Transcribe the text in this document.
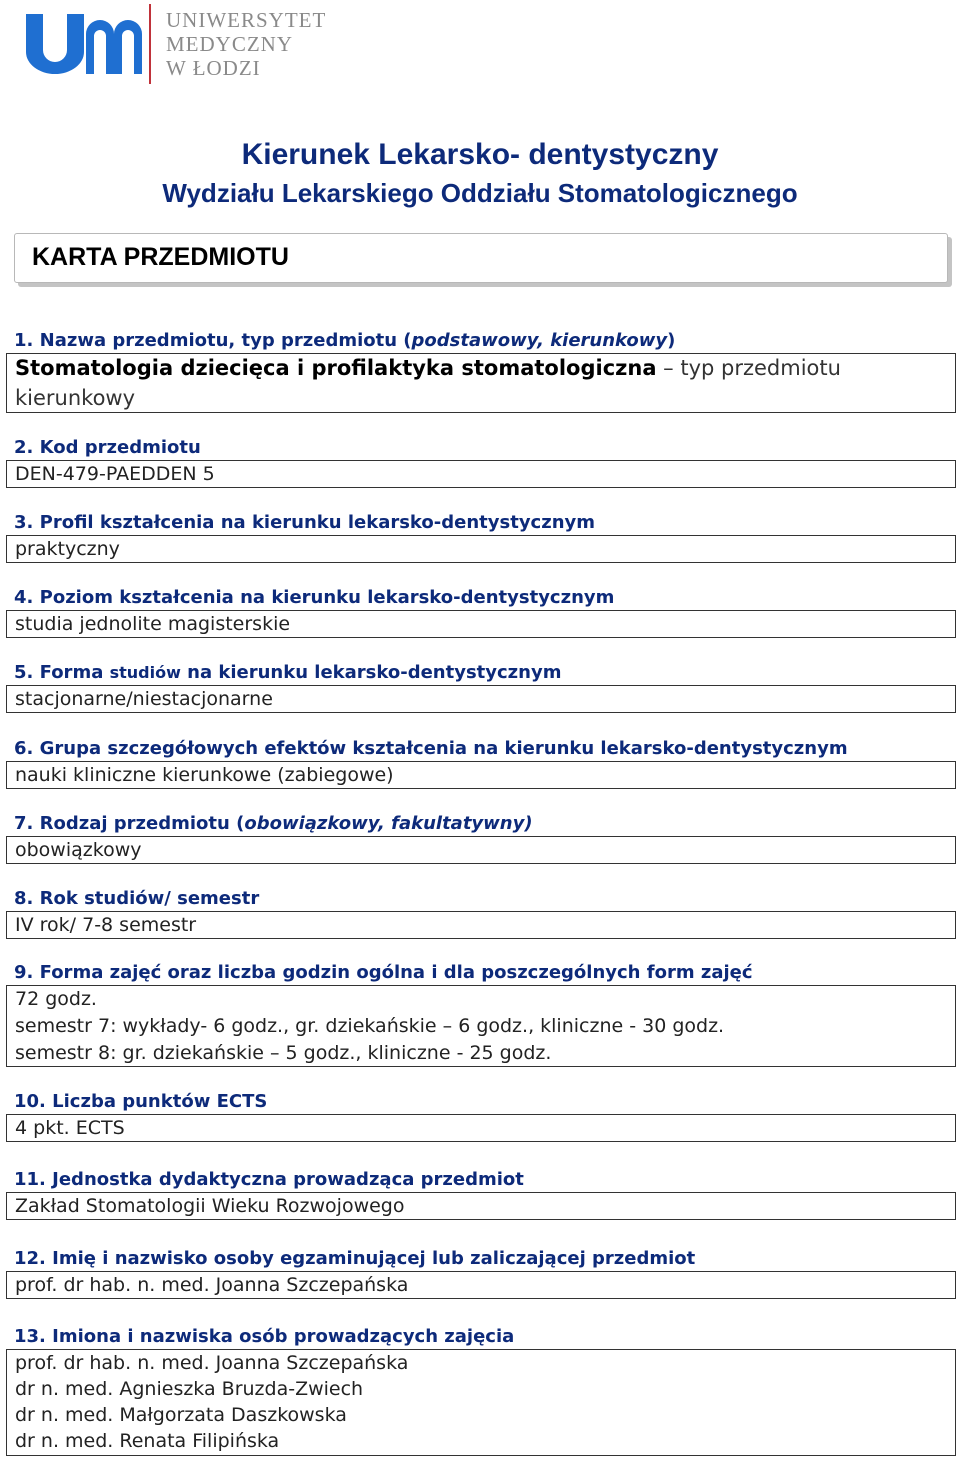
UNIWERSYTET
MEDYCZNY
W ŁODZI
Kierunek Lekarsko- dentystyczny
Wydziału Lekarskiego Oddziału Stomatologicznego
KARTA PRZEDMIOTU
1. Nazwa przedmiotu, typ przedmiotu (podstawowy, kierunkowy)
Stomatologia dziecięca i profilaktyka stomatologiczna – typ przedmiotu
kierunkowy
2. Kod przedmiotu
DEN-479-PAEDDEN 5
3. Profil kształcenia na kierunku lekarsko-dentystycznym
praktyczny
4. Poziom kształcenia na kierunku lekarsko-dentystycznym
studia jednolite magisterskie
5. Forma studiów na kierunku lekarsko-dentystycznym
stacjonarne/niestacjonarne
6. Grupa szczegółowych efektów kształcenia na kierunku lekarsko-dentystycznym
nauki kliniczne kierunkowe (zabiegowe)
7. Rodzaj przedmiotu (obowiązkowy, fakultatywny)
obowiązkowy
8. Rok studiów/ semestr
IV rok/ 7-8 semestr
9. Forma zajęć oraz liczba godzin ogólna i dla poszczególnych form zajęć
72 godz.
semestr 7: wykłady- 6 godz., gr. dziekańskie – 6 godz., kliniczne - 30 godz.
semestr 8: gr. dziekańskie – 5 godz., kliniczne - 25 godz.
10. Liczba punktów ECTS
4 pkt. ECTS
11. Jednostka dydaktyczna prowadząca przedmiot
Zakład Stomatologii Wieku Rozwojowego
12. Imię i nazwisko osoby egzaminującej lub zaliczającej przedmiot
prof. dr hab. n. med. Joanna Szczepańska
13. Imiona i nazwiska osób prowadzących zajęcia
prof. dr hab. n. med. Joanna Szczepańska
dr n. med. Agnieszka Bruzda-Zwiech
dr n. med. Małgorzata Daszkowska
dr n. med. Renata Filipińska
